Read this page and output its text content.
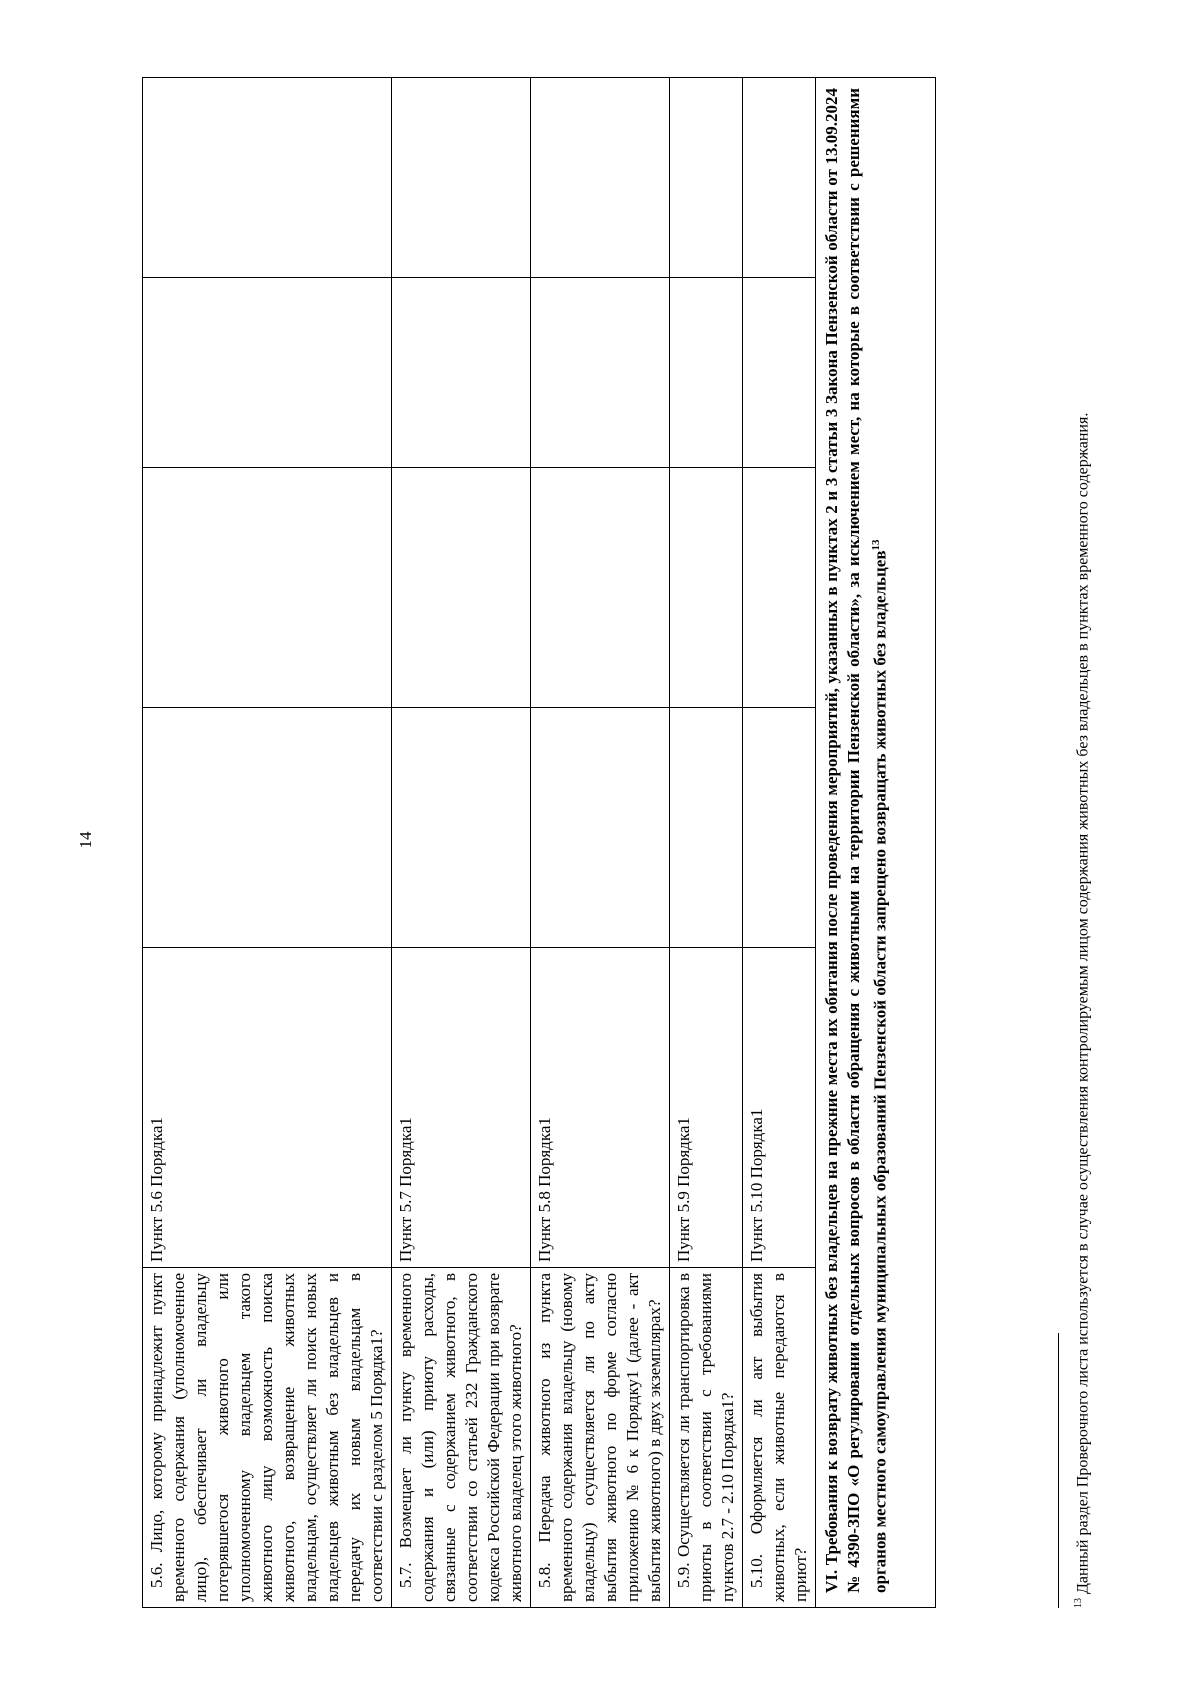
14
5.6. Лицо, которому принадлежит пункт временного содержания (уполномоченное лицо), обеспечивает ли владельцу потерявшегося животного или уполномоченному владельцем такого животного лицу возможность поиска животного, возвращение животных владельцам, осуществляет ли поиск новых владельцев животным без владельцев и передачу их новым владельцам в соответствии с разделом 5 Порядка1?	Пункт 5.6 Порядка1				
5.7. Возмещает ли пункту временного содержания и (или) приюту расходы, связанные с содержанием животного, в соответствии со статьей 232 Гражданского кодекса Российской Федерации при возврате животного владелец этого животного?	Пункт 5.7 Порядка1				
5.8. Передача животного из пункта временного содержания владельцу (новому владельцу) осуществляется ли по акту выбытия животного по форме согласно приложению № 6 к Порядку1 (далее - акт выбытия животного) в двух экземплярах?	Пункт 5.8 Порядка1				
5.9. Осуществляется ли транспортировка в приюты в соответствии с требованиями пунктов 2.7 - 2.10 Порядка1?	Пункт 5.9 Порядка1				
5.10. Оформляется ли акт выбытия животных, если животные передаются в приют?	Пункт 5.10 Порядка1				
VI. Требования к возврату животных без владельцев на прежние места их обитания после проведения мероприятий, указанных в пунктах 2 и 3 статьи 3 Закона Пензенской области от 13.09.2024 № 4390-ЗПО «О регулировании отдельных вопросов в области обращения с животными на территории Пензенской области», за исключением мест, на которые в соответствии с решениями органов местного самоуправления муниципальных образований Пензенской области запрещено возвращать животных без владельцев$^{13}$
$^{13}$Данный раздел Проверочного листа используется в случае осуществления контролируемым лицом содержания животных без владельцев в пунктах временного содержания.
